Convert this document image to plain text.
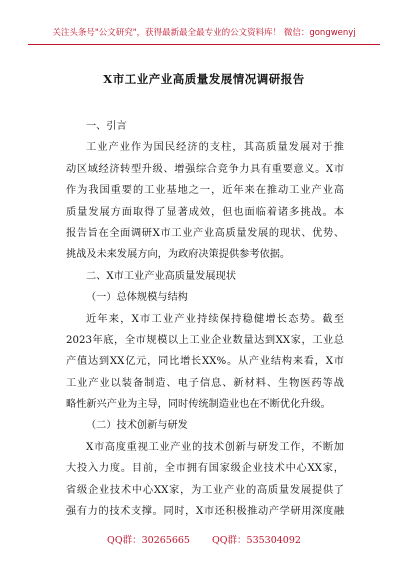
关注头条号"公文研究"，获得最新最全最专业的公文资料库！ 微信：gongwenyj
X市工业产业高质量发展情况调研报告
一、引言
工业产业作为国民经济的支柱，其高质量发展对于推
动区域经济转型升级、增强综合竞争力具有重要意义。X市
作为我国重要的工业基地之一，近年来在推动工业产业高
质量发展方面取得了显著成效，但也面临着诸多挑战。本
报告旨在全面调研X市工业产业高质量发展的现状、优势、
挑战及未来发展方向，为政府决策提供参考依据。
二、X市工业产业高质量发展现状
（一）总体规模与结构
近年来，X市工业产业持续保持稳健增长态势。截至
2023年底，全市规模以上工业企业数量达到XX家，工业总
产值达到XX亿元，同比增长XX%。从产业结构来看，X市
工业产业以装备制造、电子信息、新材料、生物医药等战
略性新兴产业为主导，同时传统制造业也在不断优化升级。
（二）技术创新与研发
X市高度重视工业产业的技术创新与研发工作，不断加
大投入力度。目前，全市拥有国家级企业技术中心XX家，
省级企业技术中心XX家，为工业产业的高质量发展提供了
强有力的技术支撑。同时，X市还积极推动产学研用深度融
QQ群：30265665 QQ群：535304092
